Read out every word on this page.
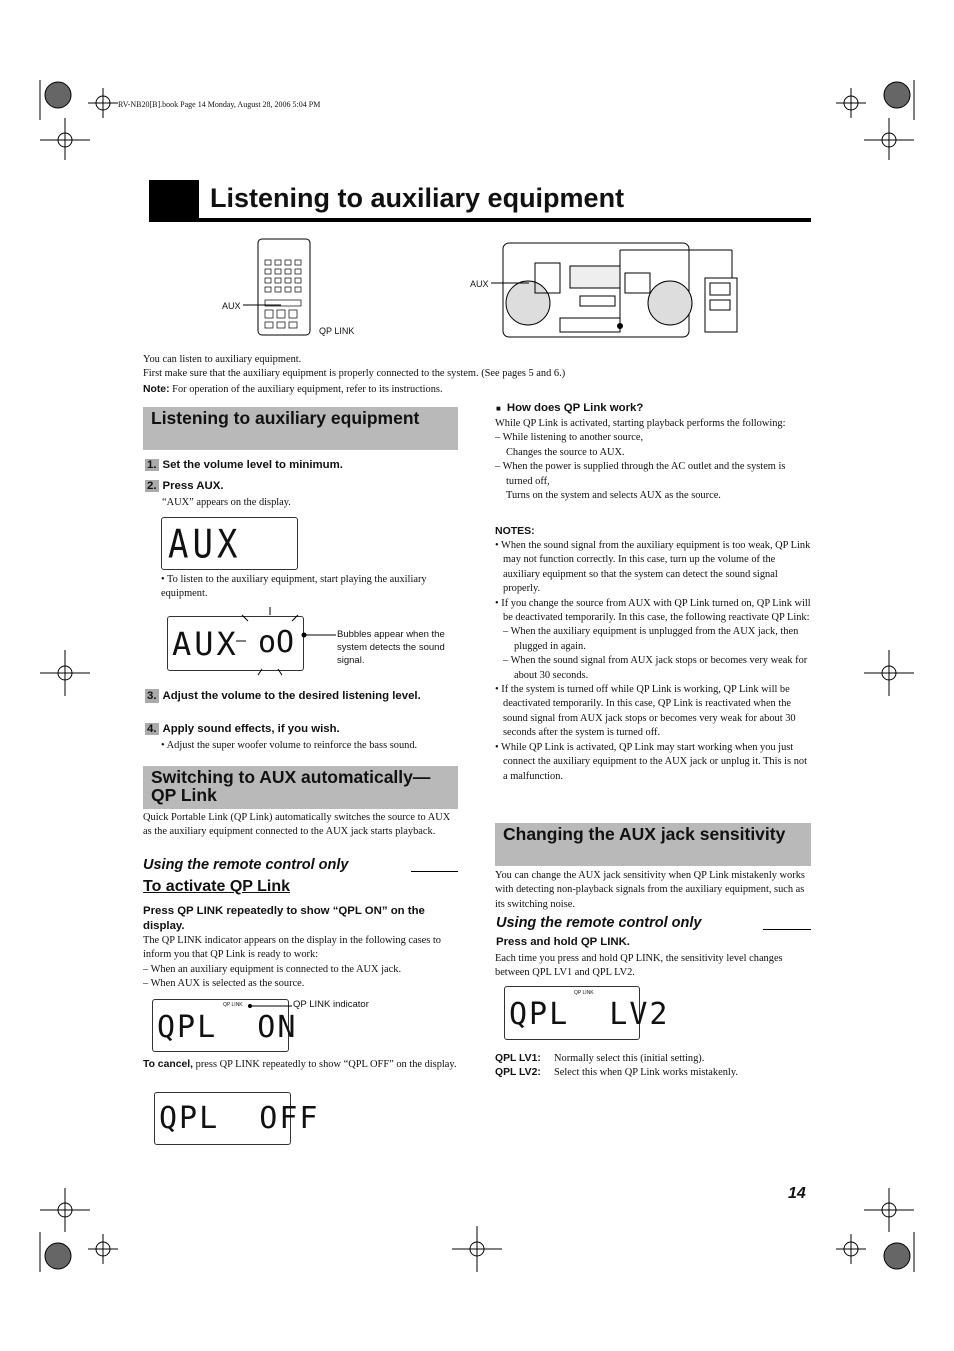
RV-NB20[B].book Page 14 Monday, August 28, 2006 5:04 PM
Listening to auxiliary equipment
AUX
QP LINK
AUX

You can listen to auxiliary equipment.

First make sure that the auxiliary equipment is properly connected to the system. (See pages 5 and 6.)

Note: For operation of the auxiliary equipment, refer to its instructions.

Listening to auxiliary equipment
1. Set the volume level to minimum.
2. Press AUX.
“AUX” appears on the display.
AUX
• To listen to the auxiliary equipment, start playing the auxiliary equipment.
AUX oO	Bubbles appear when the system detects the sound signal.
3. Adjust the volume to the desired listening level.
4. Apply sound effects, if you wish.
• Adjust the super woofer volume to reinforce the bass sound.
Switching to AUX automatically—QP Link
Quick Portable Link (QP Link) automatically switches the source to AUX as the auxiliary equipment connected to the AUX jack starts playback.
Using the remote control only
To activate QP Link
Press QP LINK repeatedly to show “QPL ON” on the display.

The QP LINK indicator appears on the display in the following cases to inform you that QP Link is ready to work:

– When an auxiliary equipment is connected to the AUX jack.

– When AUX is selected as the source.

QP LINK
QPL  ON
QP LINK indicator
To cancel, press QP LINK repeatedly to show “QPL OFF” on the display.
QPL  OFF
■ How does QP Link work?

While QP Link is activated, starting playback performs the following:

– While listening to another source,

Changes the source to AUX.

– When the power is supplied through the AC outlet and the system is turned off,

Turns on the system and selects AUX as the source.

NOTES:

• When the sound signal from the auxiliary equipment is too weak, QP Link may not function correctly. In this case, turn up the volume of the auxiliary equipment so that the system can detect the sound signal properly.

• If you change the source from AUX with QP Link turned on, QP Link will be deactivated temporarily. In this case, the following reactivate QP Link:

– When the auxiliary equipment is unplugged from the AUX jack, then plugged in again.

– When the sound signal from AUX jack stops or becomes very weak for about 30 seconds.

• If the system is turned off while QP Link is working, QP Link will be deactivated temporarily. In this case, QP Link is reactivated when the sound signal from AUX jack stops or becomes very weak for about 30 seconds after the system is turned off.

• While QP Link is activated, QP Link may start working when you just connect the auxiliary equipment to the AUX jack or unplug it. This is not a malfunction.

Changing the AUX jack sensitivity
You can change the AUX jack sensitivity when QP Link mistakenly works with detecting non-playback signals from the auxiliary equipment, such as its switching noise.
Using the remote control only
Press and hold QP LINK.
Each time you press and hold QP LINK, the sensitivity level changes between QPL LV1 and QPL LV2.
QP LINK
QPL  LV2
QPL LV1: Normally select this (initial setting).
QPL LV2: Select this when QP Link works mistakenly.
14
